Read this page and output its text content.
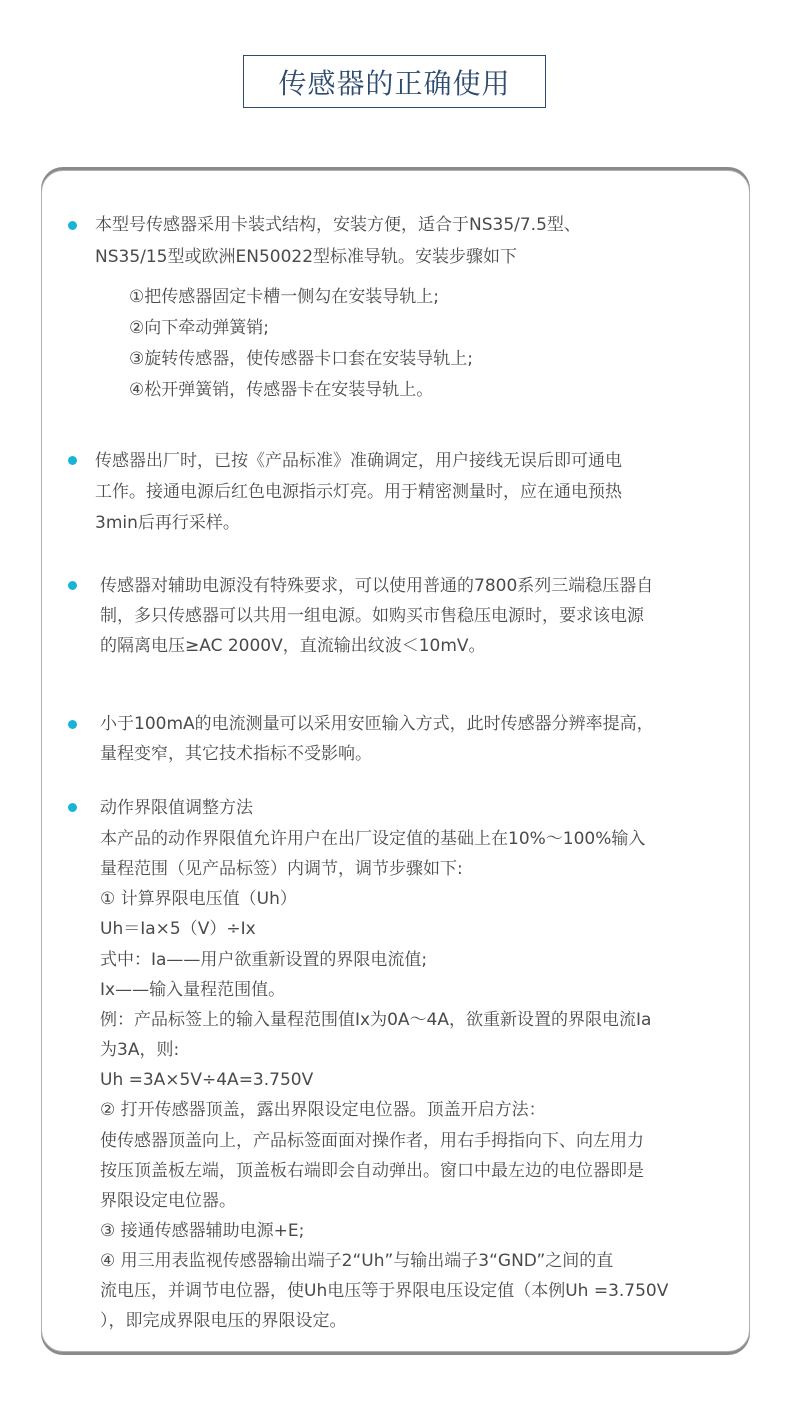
传感器的正确使用
本型号传感器采用卡装式结构，安装方便，适合于NS35/7.5型、
NS35/15型或欧洲EN50022型标准导轨。安装步骤如下
①把传感器固定卡槽一侧勾在安装导轨上;
②向下牵动弹簧销;
③旋转传感器，使传感器卡口套在安装导轨上;
④松开弹簧销，传感器卡在安装导轨上。
传感器出厂时，已按《产品标准》准确调定，用户接线无误后即可通电
工作。接通电源后红色电源指示灯亮。用于精密测量时，应在通电预热
3min后再行采样。
传感器对辅助电源没有特殊要求，可以使用普通的7800系列三端稳压器自
制，多只传感器可以共用一组电源。如购买市售稳压电源时，要求该电源
的隔离电压≥AC 2000V，直流输出纹波＜10mV。
小于100mA的电流测量可以采用安匝输入方式，此时传感器分辨率提高，
量程变窄，其它技术指标不受影响。
动作界限值调整方法
本产品的动作界限值允许用户在出厂设定值的基础上在10%～100%输入
量程范围（见产品标签）内调节，调节步骤如下:
① 计算界限电压值（Uh）
Uh＝Ia×5（V）÷Ix
式中：Ia——用户欲重新设置的界限电流值;
Ix——输入量程范围值。
例：产品标签上的输入量程范围值Ix为0A～4A，欲重新设置的界限电流Ia
为3A，则:
Uh =3A×5V÷4A=3.750V
② 打开传感器顶盖，露出界限设定电位器。顶盖开启方法：
使传感器顶盖向上，产品标签面面对操作者，用右手拇指向下、向左用力
按压顶盖板左端，顶盖板右端即会自动弹出。窗口中最左边的电位器即是
界限设定电位器。
③ 接通传感器辅助电源+E;
④ 用三用表监视传感器输出端子2“Uh”与输出端子3“GND”之间的直
流电压，并调节电位器，使Uh电压等于界限电压设定值（本例Uh =3.750V
），即完成界限电压的界限设定。
